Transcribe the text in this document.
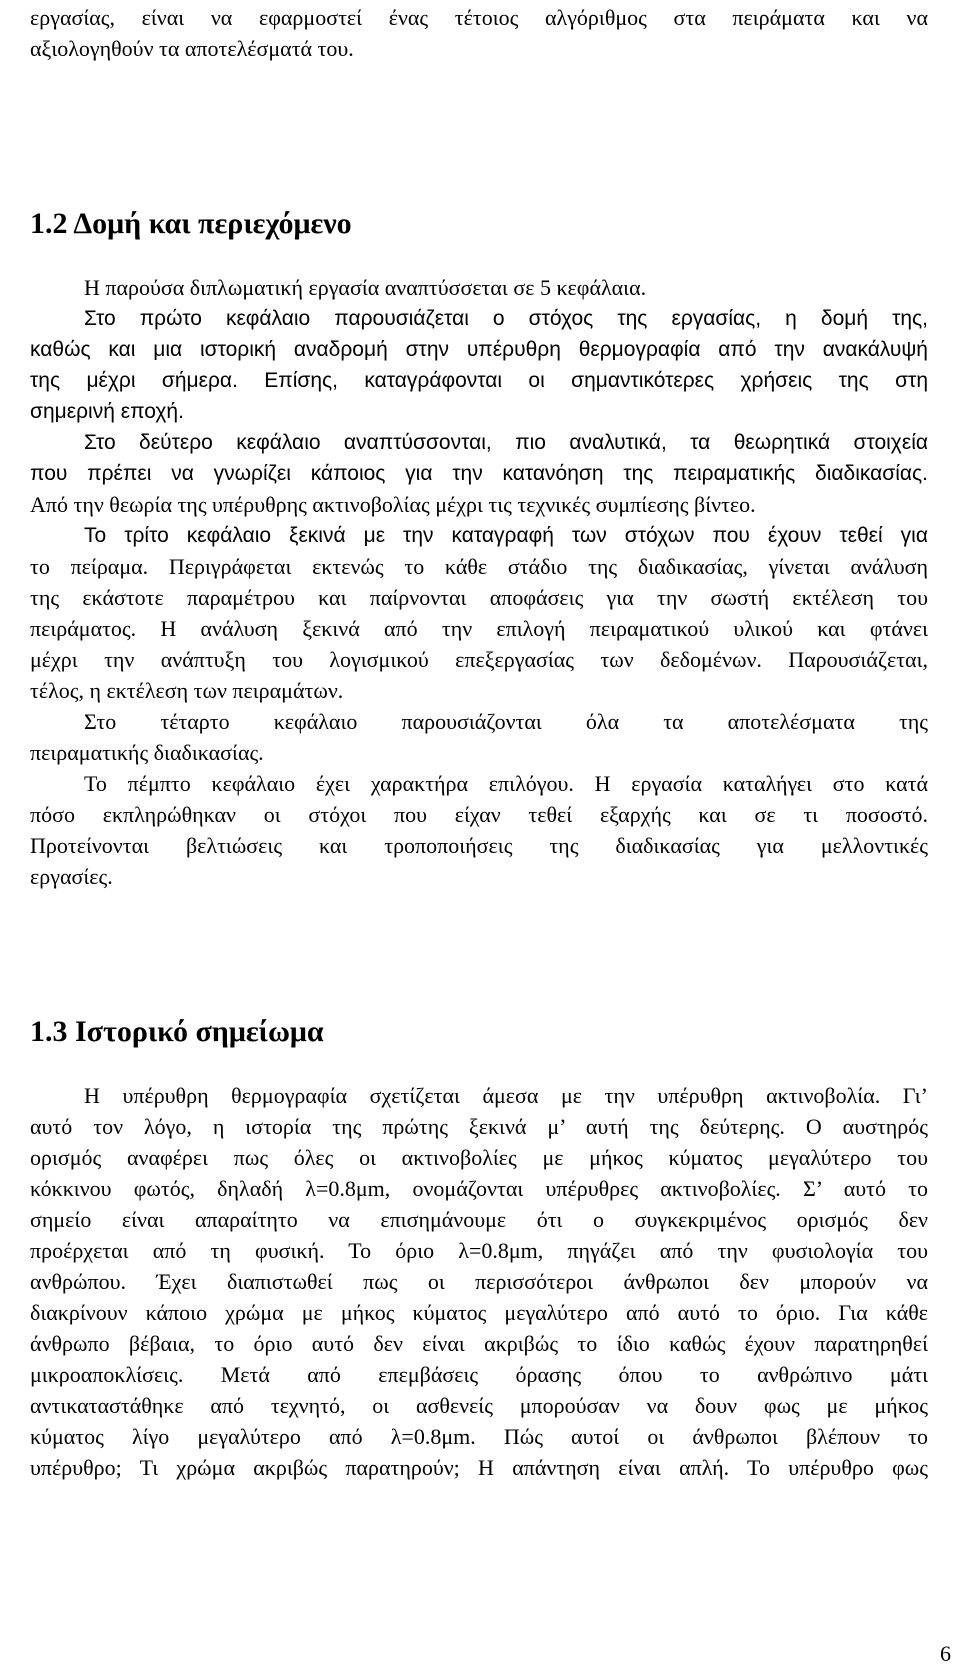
εργασίας, είναι να εφαρμοστεί ένας τέτοιος αλγόριθμος στα πειράματα και να
αξιολογηθούν τα αποτελέσματά του.
1.2 Δομή και περιεχόμενο
Η παρούσα διπλωματική εργασία αναπτύσσεται σε 5 κεφάλαια.
Στο πρώτο κεφάλαιο παρουσιάζεται ο στόχος της εργασίας, η δομή της,
καθώς και μια ιστορική αναδρομή στην υπέρυθρη θερμογραφία από την ανακάλυψή
της μέχρι σήμερα. Επίσης, καταγράφονται οι σημαντικότερες χρήσεις της στη
σημερινή εποχή.
Στο δεύτερο κεφάλαιο αναπτύσσονται, πιο αναλυτικά, τα θεωρητικά στοιχεία
που πρέπει να γνωρίζει κάποιος για την κατανόηση της πειραματικής διαδικασίας.
Από την θεωρία της υπέρυθρης ακτινοβολίας μέχρι τις τεχνικές συμπίεσης βίντεο.
Το τρίτο κεφάλαιο ξεκινά με την καταγραφή των στόχων που έχουν τεθεί για
το πείραμα. Περιγράφεται εκτενώς το κάθε στάδιο της διαδικασίας, γίνεται ανάλυση
της εκάστοτε παραμέτρου και παίρνονται αποφάσεις για την σωστή εκτέλεση του
πειράματος. Η ανάλυση ξεκινά από την επιλογή πειραματικού υλικού και φτάνει
μέχρι την ανάπτυξη του λογισμικού επεξεργασίας των δεδομένων. Παρουσιάζεται,
τέλος, η εκτέλεση των πειραμάτων.
Στο τέταρτο κεφάλαιο παρουσιάζονται όλα τα αποτελέσματα της
πειραματικής διαδικασίας.
Το πέμπτο κεφάλαιο έχει χαρακτήρα επιλόγου. Η εργασία καταλήγει στο κατά
πόσο εκπληρώθηκαν οι στόχοι που είχαν τεθεί εξαρχής και σε τι ποσοστό.
Προτείνονται βελτιώσεις και τροποποιήσεις της διαδικασίας για μελλοντικές
εργασίες.
1.3 Ιστορικό σημείωμα
Η υπέρυθρη θερμογραφία σχετίζεται άμεσα με την υπέρυθρη ακτινοβολία. Γι’
αυτό τον λόγο, η ιστορία της πρώτης ξεκινά μ’ αυτή της δεύτερης. Ο αυστηρός
ορισμός αναφέρει πως όλες οι ακτινοβολίες με μήκος κύματος μεγαλύτερο του
κόκκινου φωτός, δηλαδή λ=0.8μm, ονομάζονται υπέρυθρες ακτινοβολίες. Σ’ αυτό το
σημείο είναι απαραίτητο να επισημάνουμε ότι ο συγκεκριμένος ορισμός δεν
προέρχεται από τη φυσική. Το όριο λ=0.8μm, πηγάζει από την φυσιολογία του
ανθρώπου. Έχει διαπιστωθεί πως οι περισσότεροι άνθρωποι δεν μπορούν να
διακρίνουν κάποιο χρώμα με μήκος κύματος μεγαλύτερο από αυτό το όριο. Για κάθε
άνθρωπο βέβαια, το όριο αυτό δεν είναι ακριβώς το ίδιο καθώς έχουν παρατηρηθεί
μικροαποκλίσεις. Μετά από επεμβάσεις όρασης όπου το ανθρώπινο μάτι
αντικαταστάθηκε από τεχνητό, οι ασθενείς μπορούσαν να δουν φως με μήκος
κύματος λίγο μεγαλύτερο από λ=0.8μm. Πώς αυτοί οι άνθρωποι βλέπουν το
υπέρυθρο; Τι χρώμα ακριβώς παρατηρούν; Η απάντηση είναι απλή. Το υπέρυθρο φως
6
